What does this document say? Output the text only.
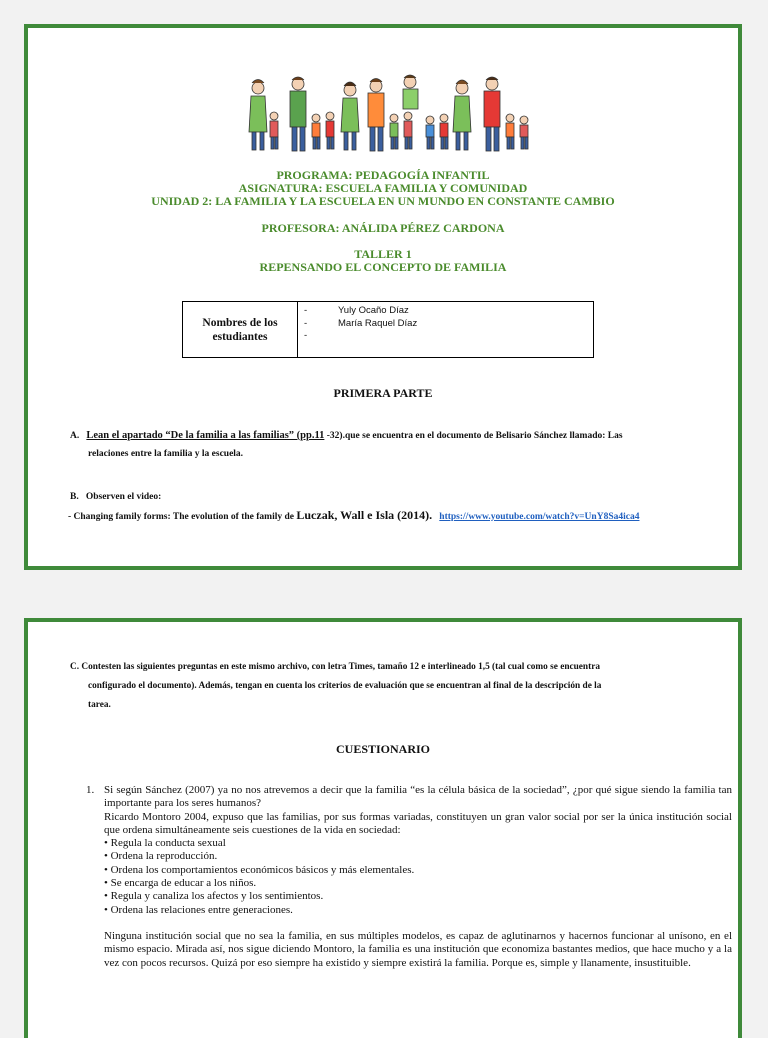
PROGRAMA: PEDAGOGÍA INFANTIL
ASIGNATURA: ESCUELA FAMILIA Y COMUNIDAD
UNIDAD 2: LA FAMILIA Y LA ESCUELA EN UN MUNDO EN CONSTANTE CAMBIO
PROFESORA: ANÁLIDA PÉREZ CARDONA
TALLER 1
REPENSANDO EL CONCEPTO DE FAMILIA
Nombres de los estudiantes
-	Yuly Ocaño Díaz
-	María Raquel Díaz
-
PRIMERA PARTE
A. Lean el apartado “De la familia a las familias” (pp.11 -32).que se encuentra en el documento de Belisario Sánchez llamado: Las
relaciones entre la familia y la escuela.
B. Observen el video:
- Changing family forms: The evolution of the family de Luczak, Wall e Isla (2014). https://www.youtube.com/watch?v=UnY8Sa4ica4
C. Contesten las siguientes preguntas en este mismo archivo, con letra Times, tamaño 12 e interlineado 1,5 (tal cual como se encuentra
configurado el documento). Además, tengan en cuenta los criterios de evaluación que se encuentran al final de la descripción de la
tarea.
CUESTIONARIO
1. Si según Sánchez (2007) ya no nos atrevemos a decir que la familia “es la célula básica de la sociedad”, ¿por qué sigue siendo la familia tan importante para los seres humanos?
Ricardo Montoro 2004, expuso que las familias, por sus formas variadas, constituyen un gran valor social por ser la única institución social que ordena simultáneamente seis cuestiones de la vida en sociedad:
• Regula la conducta sexual
• Ordena la reproducción.
• Ordena los comportamientos económicos básicos y más elementales.
• Se encarga de educar a los niños.
• Regula y canaliza los afectos y los sentimientos.
• Ordena las relaciones entre generaciones.
Ninguna institución social que no sea la familia, en sus múltiples modelos, es capaz de aglutinarnos y hacernos funcionar al unísono, en el mismo espacio. Mirada así, nos sigue diciendo Montoro, la familia es una institución que economiza bastantes medios, que hace mucho y a la vez con pocos recursos. Quizá por eso siempre ha existido y siempre existirá la familia. Porque es, simple y llanamente, insustituible.
